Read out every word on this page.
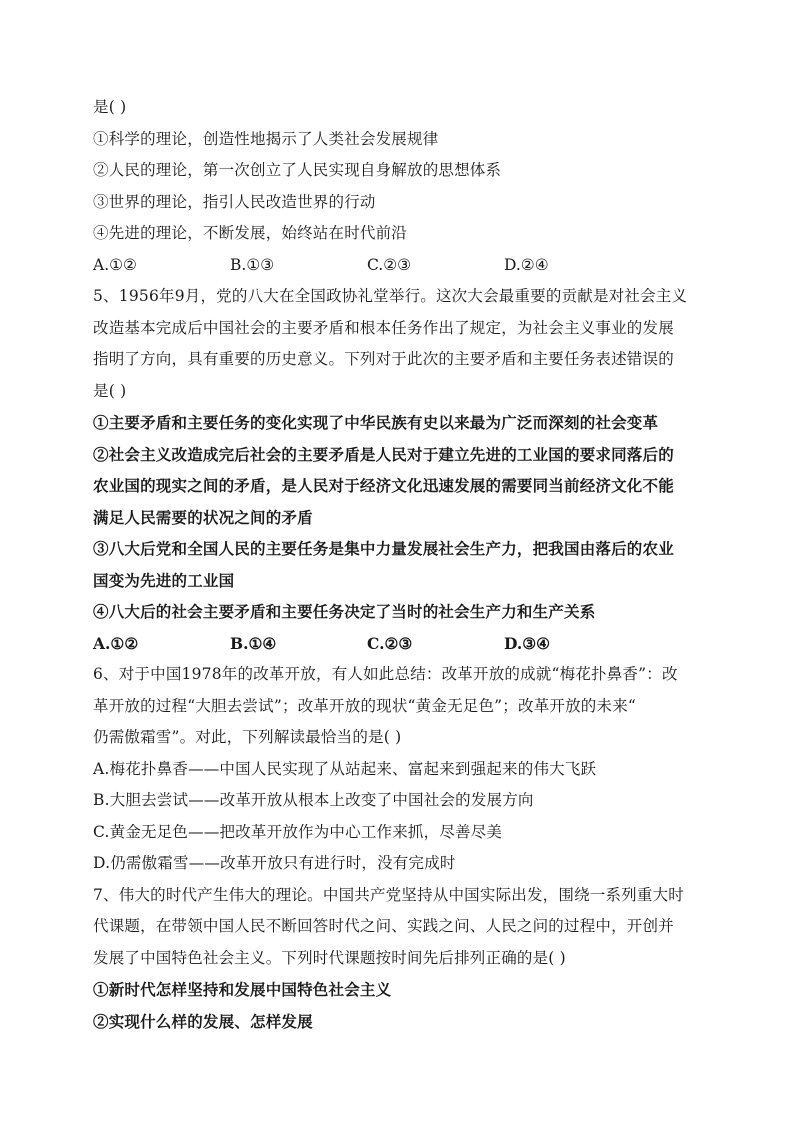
是( )
①科学的理论，创造性地揭示了人类社会发展规律
②人民的理论，第一次创立了人民实现自身解放的思想体系
③世界的理论，指引人民改造世界的行动
④先进的理论，不断发展，始终站在时代前沿
A.①②	B.①③	C.②③	D.②④
5、1956年9月，党的八大在全国政协礼堂举行。这次大会最重要的贡献是对社会主义
改造基本完成后中国社会的主要矛盾和根本任务作出了规定，为社会主义事业的发展
指明了方向，具有重要的历史意义。下列对于此次的主要矛盾和主要任务表述错误的
是( )
①主要矛盾和主要任务的变化实现了中华民族有史以来最为广泛而深刻的社会变革
②社会主义改造成完后社会的主要矛盾是人民对于建立先进的工业国的要求同落后的
农业国的现实之间的矛盾，是人民对于经济文化迅速发展的需要同当前经济文化不能
满足人民需要的状况之间的矛盾
③八大后党和全国人民的主要任务是集中力量发展社会生产力，把我国由落后的农业
国变为先进的工业国
④八大后的社会主要矛盾和主要任务决定了当时的社会生产力和生产关系
A.①②	B.①④	C.②③	D.③④
6、对于中国1978年的改革开放，有人如此总结：改革开放的成就“梅花扑鼻香”：改
革开放的过程“大胆去尝试”；改革开放的现状“黄金无足色”；改革开放的未来“
仍需傲霜雪”。对此，下列解读最恰当的是( )
A.梅花扑鼻香——中国人民实现了从站起来、富起来到强起来的伟大飞跃
B.大胆去尝试——改革开放从根本上改变了中国社会的发展方向
C.黄金无足色——把改革开放作为中心工作来抓，尽善尽美
D.仍需傲霜雪——改革开放只有进行时，没有完成时
7、伟大的时代产生伟大的理论。中国共产党坚持从中国实际出发，围绕一系列重大时
代课题，在带领中国人民不断回答时代之问、实践之问、人民之问的过程中，开创并
发展了中国特色社会主义。下列时代课题按时间先后排列正确的是( )
①新时代怎样坚持和发展中国特色社会主义
②实现什么样的发展、怎样发展
